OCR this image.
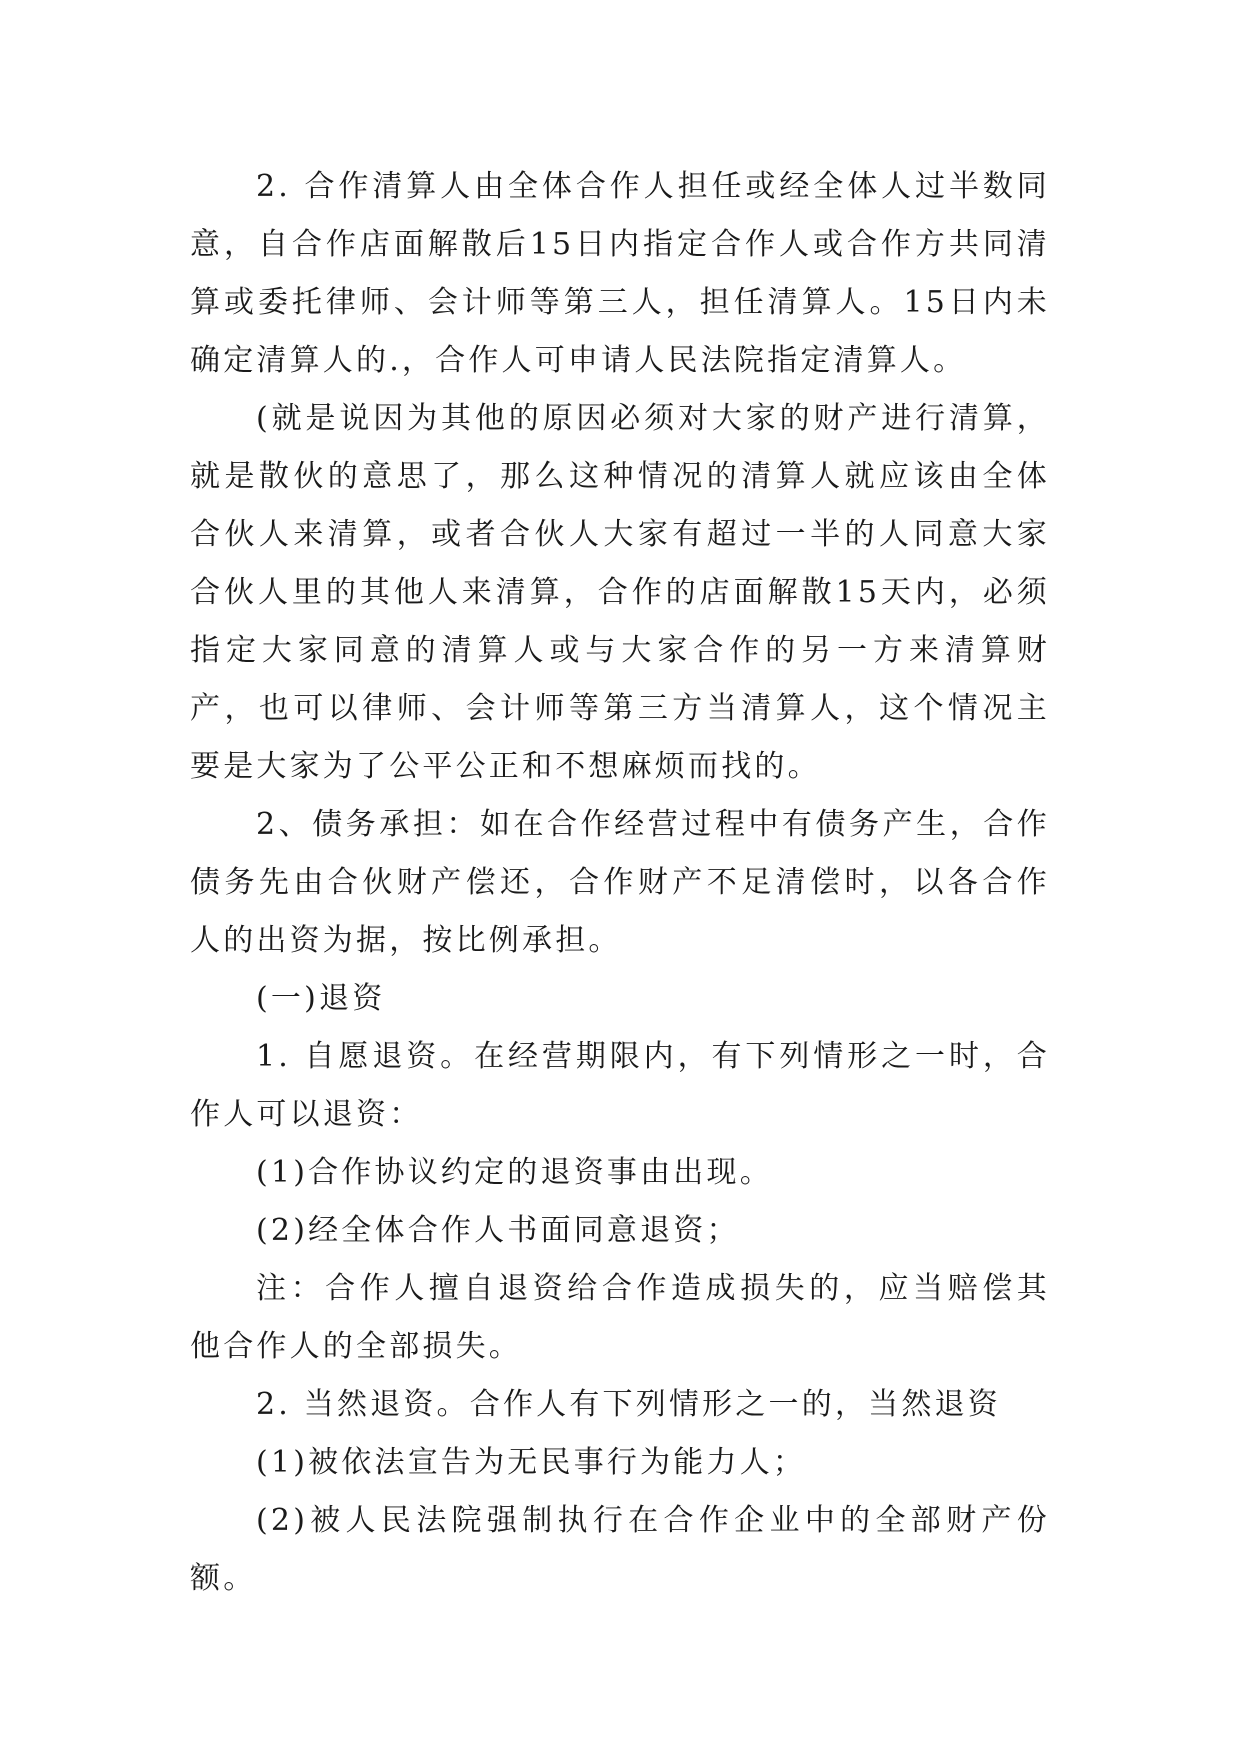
2. 合作清算人由全体合作人担任或经全体人过半数同意，自合作店面解散后15日内指定合作人或合作方共同清算或委托律师、会计师等第三人，担任清算人。15日内未确定清算人的.，合作人可申请人民法院指定清算人。

(就是说因为其他的原因必须对大家的财产进行清算，就是散伙的意思了，那么这种情况的清算人就应该由全体合伙人来清算，或者合伙人大家有超过一半的人同意大家合伙人里的其他人来清算，合作的店面解散15天内，必须指定大家同意的清算人或与大家合作的另一方来清算财产，也可以律师、会计师等第三方当清算人，这个情况主要是大家为了公平公正和不想麻烦而找的。

2、债务承担：如在合作经营过程中有债务产生，合作债务先由合伙财产偿还，合作财产不足清偿时，以各合作人的出资为据，按比例承担。

(一)退资

1. 自愿退资。在经营期限内，有下列情形之一时，合作人可以退资：

(1)合作协议约定的退资事由出现。

(2)经全体合作人书面同意退资；

注：合作人擅自退资给合作造成损失的，应当赔偿其他合作人的全部损失。

2. 当然退资。合作人有下列情形之一的，当然退资

(1)被依法宣告为无民事行为能力人；

(2)被人民法院强制执行在合作企业中的全部财产份额。
